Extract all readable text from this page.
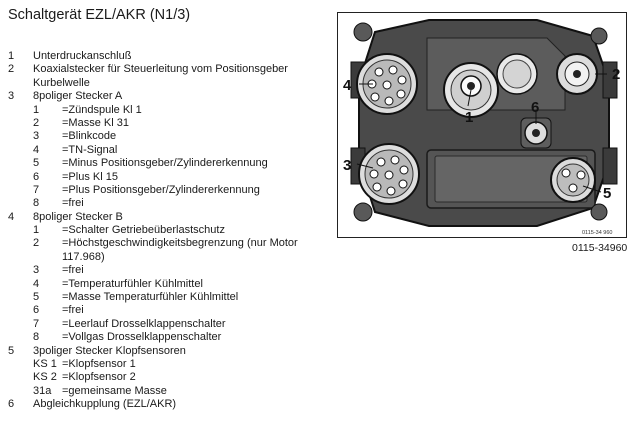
Schaltgerät EZL/AKR (N1/3)
1 Unterdruckanschluß
2 Koaxialstecker für Steuerleitung vom Positionsgeber Kurbelwelle
3 8poliger Stecker A
1 =Zündspule Kl 1
2 =Masse Kl 31
3 =Blinkcode
4 =TN-Signal
5 =Minus Positionsgeber/Zylindererkennung
6 =Plus Kl 15
7 =Plus Positionsgeber/Zylindererkennung
8 =frei
4 8poliger Stecker B
1 =Schalter Getriebeüberlastschutz
2 =Höchstgeschwindigkeitsbegrenzung (nur Motor 117.968)
3 =frei
4 =Temperaturfühler Kühlmittel
5 =Masse Temperaturfühler Kühlmittel
6 =frei
7 =Leerlauf Drosselklappenschalter
8 =Vollgas Drosselklappenschalter
5 3poliger Stecker Klopfsensoren
KS 1 =Klopfsensor 1
KS 2 =Klopfsensor 2
31a =gemeinsame Masse
6 Abgleichkupplung (EZL/AKR)
1
2
3
4
5
6
0115-34 960
0115-34960
